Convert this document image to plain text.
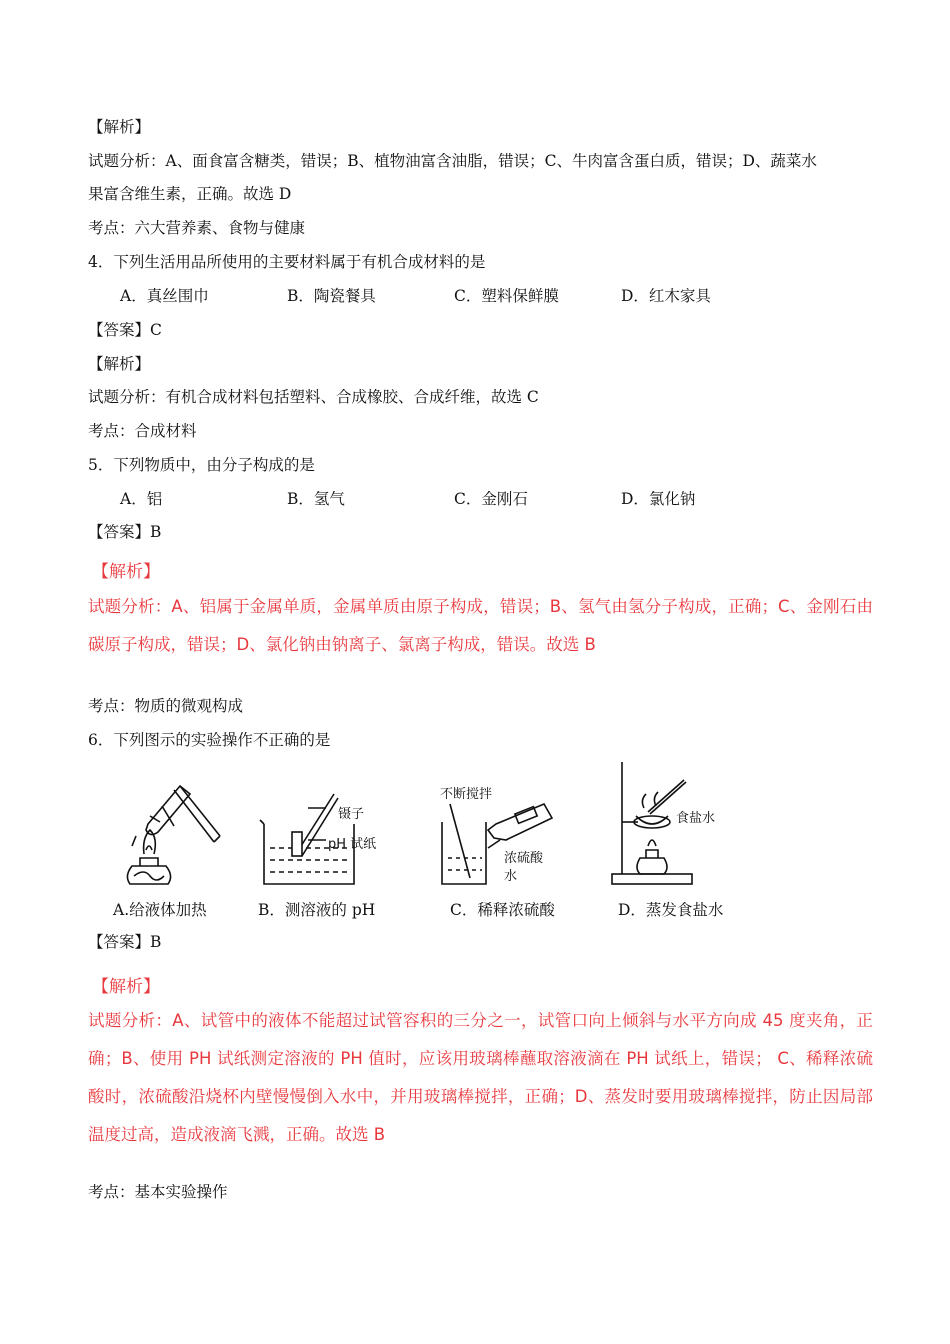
【解析】
试题分析：A、面食富含糖类，错误；B、植物油富含油脂，错误；C、牛肉富含蛋白质，错误；D、蔬菜水
果富含维生素，正确。故选 D
考点：六大营养素、食物与健康
4．下列生活用品所使用的主要材料属于有机合成材料的是
A．真丝围巾	B．陶瓷餐具	C．塑料保鲜膜	D．红木家具
【答案】C
【解析】
试题分析：有机合成材料包括塑料、合成橡胶、合成纤维，故选 C
考点：合成材料
5．下列物质中，由分子构成的是
A．铝	B．氢气	C．金刚石	D．氯化钠
【答案】B
【解析】
试题分析：A、铝属于金属单质，金属单质由原子构成，错误；B、氢气由氢分子构成，正确；C、金刚石由碳原子构成，错误；D、氯化钠由钠离子、氯离子构成，错误。故选 B
考点：物质的微观构成
6．下列图示的实验操作不正确的是
A.给液体加热
镊子
pH 试纸
B．测溶液的 pH
不断搅拌
浓硫酸
水
C．稀释浓硫酸
食盐水
D．蒸发食盐水
【答案】B
【解析】
试题分析：A、试管中的液体不能超过试管容积的三分之一，试管口向上倾斜与水平方向成 45 度夹角，正确；B、使用 PH 试纸测定溶液的 PH 值时，应该用玻璃棒蘸取溶液滴在 PH 试纸上，错误； C、稀释浓硫酸时，浓硫酸沿烧杯内壁慢慢倒入水中，并用玻璃棒搅拌，正确；D、蒸发时要用玻璃棒搅拌，防止因局部温度过高，造成液滴飞溅，正确。故选 B
考点：基本实验操作
